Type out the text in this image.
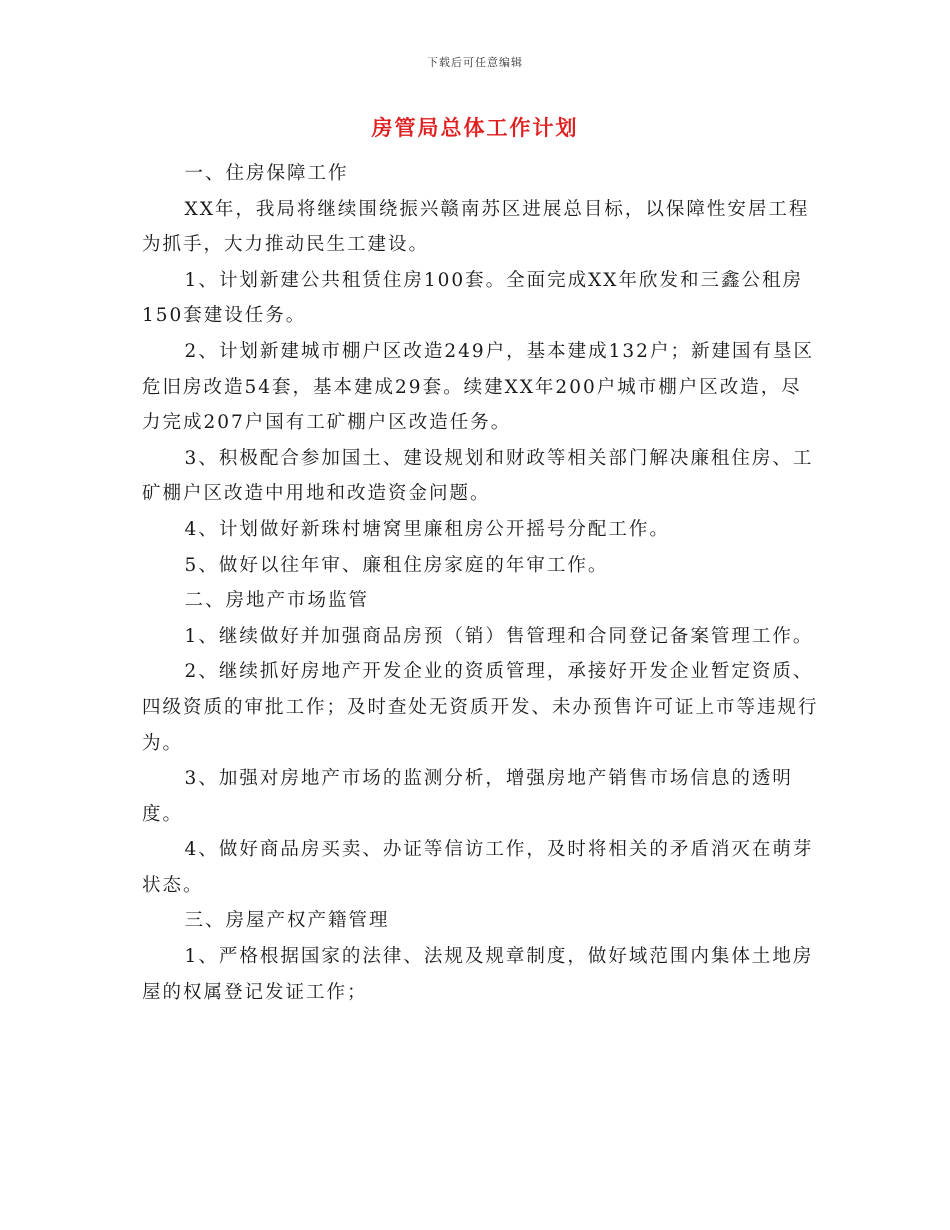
下载后可任意编辑
房管局总体工作计划

一、住房保障工作

XX年，我局将继续围绕振兴赣南苏区进展总目标，以保障性安居工程为抓手，大力推动民生工建设。

1、计划新建公共租赁住房100套。全面完成XX年欣发和三鑫公租房150套建设任务。

2、计划新建城市棚户区改造249户，基本建成132户；新建国有垦区危旧房改造54套，基本建成29套。续建XX年200户城市棚户区改造，尽力完成207户国有工矿棚户区改造任务。

3、积极配合参加国土、建设规划和财政等相关部门解决廉租住房、工矿棚户区改造中用地和改造资金问题。

4、计划做好新珠村塘窝里廉租房公开摇号分配工作。

5、做好以往年审、廉租住房家庭的年审工作。

二、房地产市场监管

1、继续做好并加强商品房预（销）售管理和合同登记备案管理工作。

2、继续抓好房地产开发企业的资质管理，承接好开发企业暂定资质、四级资质的审批工作；及时查处无资质开发、未办预售许可证上市等违规行为。

3、加强对房地产市场的监测分析，增强房地产销售市场信息的透明度。

4、做好商品房买卖、办证等信访工作，及时将相关的矛盾消灭在萌芽状态。

三、房屋产权产籍管理

1、严格根据国家的法律、法规及规章制度，做好域范围内集体土地房屋的权属登记发证工作；
